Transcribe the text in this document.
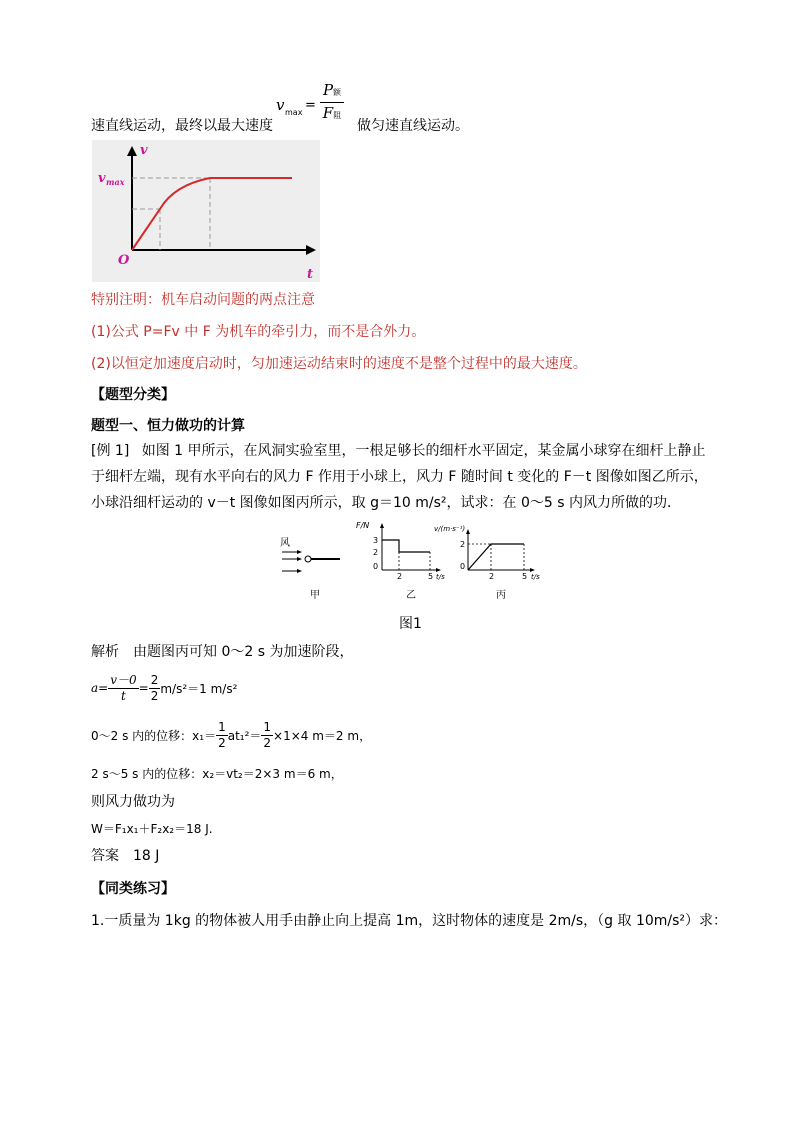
v max =
P额
F阻
速直线运动，最终以最大速度	做匀速直线运动。
v
t
O
v max
特别注明：机车启动问题的两点注意
(1)公式 P=Fv 中 F 为机车的牵引力，而不是合外力。
(2)以恒定加速度启动时，匀加速运动结束时的速度不是整个过程中的最大速度。
【题型分类】
题型一、恒力做功的计算
[例 1] 如图 1 甲所示，在风洞实验室里，一根足够长的细杆水平固定，某金属小球穿在细杆上静止
于细杆左端，现有水平向右的风力 F 作用于小球上，风力 F 随时间 t 变化的 F－t 图像如图乙所示，
小球沿细杆运动的 v－t 图像如图丙所示，取 g＝10 m/s²，试求：在 0～5 s 内风力所做的功．
风
甲
F/N
3
2
0
2	5 t/s
乙
v/(m·s⁻¹)
2
0
2	5 t/s
丙
图1
解析　由题图丙可知 0～2 s 为加速阶段，
$a= \frac{v-0}{t} = \frac{2}{2} m/s^2=1$ m/s²
0～2 s 内的位移：$x_1= \frac{1}{2} at_1^2= \frac{1}{2} \times 1\times 4$ m＝2 m，
2 s～5 s 内的位移：x₂＝vt₂＝2×3 m＝6 m，
则风力做功为
W＝F₁x₁＋F₂x₂＝18 J.
答案　18 J
【同类练习】
1.一质量为 1kg 的物体被人用手由静止向上提高 1m，这时物体的速度是 2m/s，（g 取 10m/s²）求：
